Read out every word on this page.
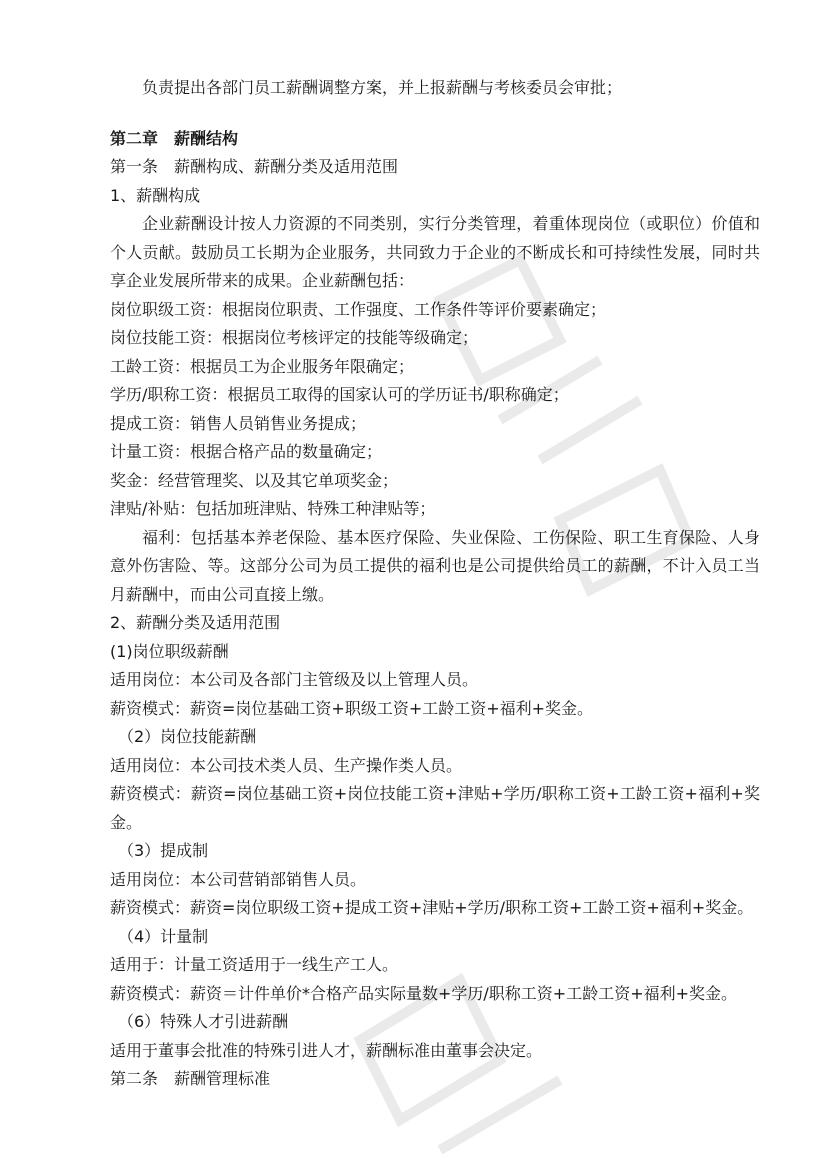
负责提出各部门员工薪酬调整方案，并上报薪酬与考核委员会审批；
第二章　薪酬结构
第一条　薪酬构成、薪酬分类及适用范围
1、薪酬构成
企业薪酬设计按人力资源的不同类别，实行分类管理，着重体现岗位（或职位）价值和个人贡献。鼓励员工长期为企业服务，共同致力于企业的不断成长和可持续性发展，同时共享企业发展所带来的成果。企业薪酬包括：
岗位职级工资：根据岗位职责、工作强度、工作条件等评价要素确定；
岗位技能工资：根据岗位考核评定的技能等级确定；
工龄工资：根据员工为企业服务年限确定；
学历/职称工资：根据员工取得的国家认可的学历证书/职称确定；
提成工资：销售人员销售业务提成；
计量工资：根据合格产品的数量确定；
奖金：经营管理奖、以及其它单项奖金；
津贴/补贴：包括加班津贴、特殊工种津贴等；
福利：包括基本养老保险、基本医疗保险、失业保险、工伤保险、职工生育保险、人身意外伤害险、等。这部分公司为员工提供的福利也是公司提供给员工的薪酬，不计入员工当月薪酬中，而由公司直接上缴。
2、薪酬分类及适用范围
(1)岗位职级薪酬
适用岗位：本公司及各部门主管级及以上管理人员。
薪资模式：薪资=岗位基础工资+职级工资+工龄工资+福利+奖金。
（2）岗位技能薪酬
适用岗位：本公司技术类人员、生产操作类人员。
薪资模式：薪资=岗位基础工资+岗位技能工资+津贴+学历/职称工资+工龄工资+福利+奖金。
（3）提成制
适用岗位：本公司营销部销售人员。
薪资模式：薪资=岗位职级工资+提成工资+津贴+学历/职称工资+工龄工资+福利+奖金。
（4）计量制
适用于：计量工资适用于一线生产工人。
薪资模式：薪资＝计件单价*合格产品实际量数+学历/职称工资+工龄工资+福利+奖金。
（6）特殊人才引进薪酬
适用于董事会批准的特殊引进人才，薪酬标准由董事会决定。
第二条　薪酬管理标准
